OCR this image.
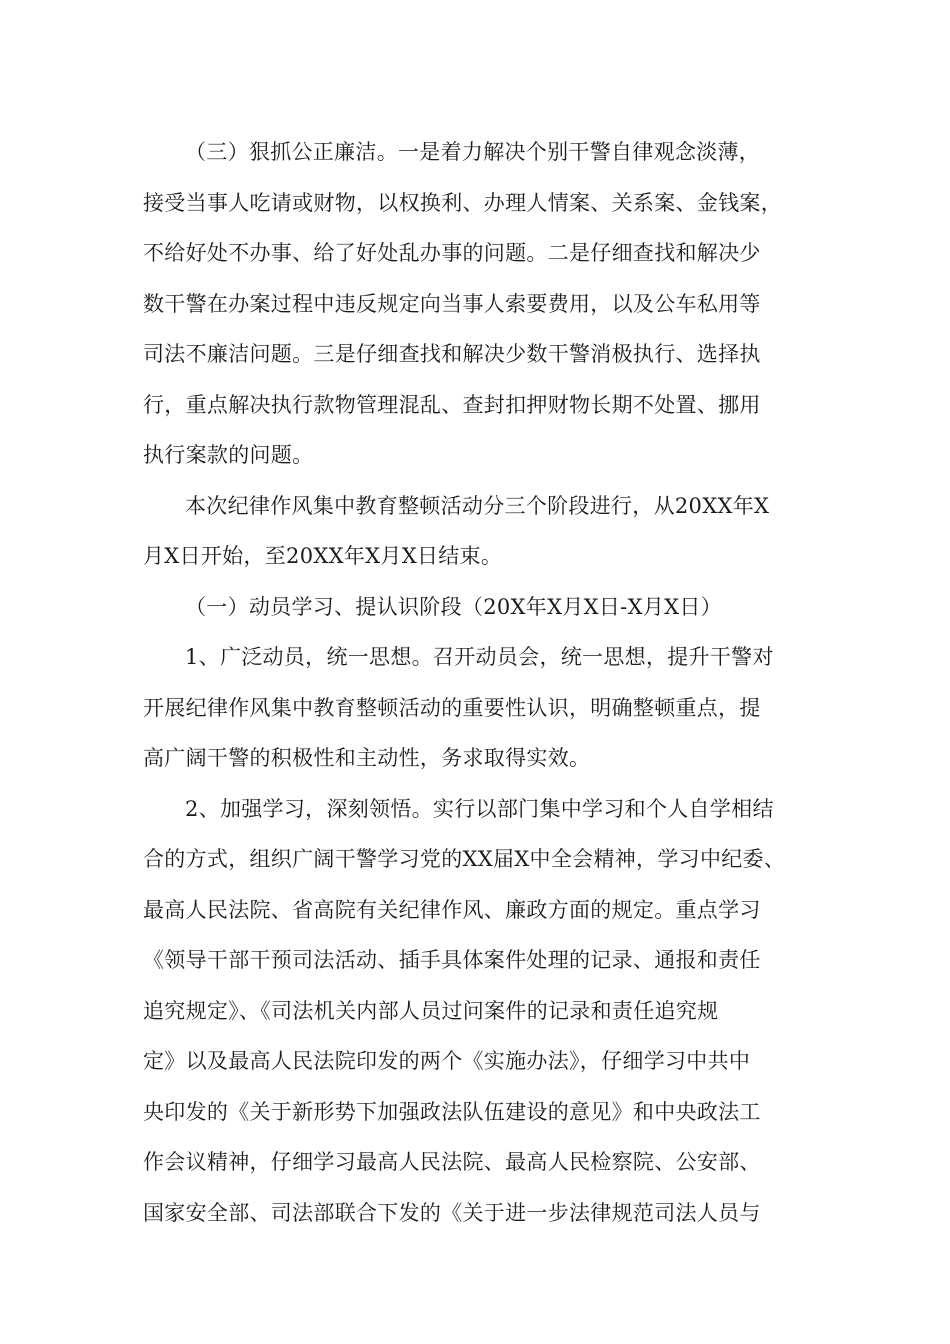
（三）狠抓公正廉洁。一是着力解决个别干警自律观念淡薄，
接受当事人吃请或财物，以权换利、办理人情案、关系案、金钱案，
不给好处不办事、给了好处乱办事的问题。二是仔细查找和解决少
数干警在办案过程中违反规定向当事人索要费用，以及公车私用等
司法不廉洁问题。三是仔细查找和解决少数干警消极执行、选择执
行，重点解决执行款物管理混乱、查封扣押财物长期不处置、挪用
执行案款的问题。
本次纪律作风集中教育整顿活动分三个阶段进行，从20XX年X
月X日开始，至20XX年X月X日结束。
（一）动员学习、提认识阶段（20X年X月X日-X月X日）
1、广泛动员，统一思想。召开动员会，统一思想，提升干警对
开展纪律作风集中教育整顿活动的重要性认识，明确整顿重点，提
高广阔干警的积极性和主动性，务求取得实效。
2、加强学习，深刻领悟。实行以部门集中学习和个人自学相结
合的方式，组织广阔干警学习党的XX届X中全会精神，学习中纪委、
最高人民法院、省高院有关纪律作风、廉政方面的规定。重点学习
《领导干部干预司法活动、插手具体案件处理的记录、通报和责任
追究规定》、《司法机关内部人员过问案件的记录和责任追究规
定》以及最高人民法院印发的两个《实施办法》，仔细学习中共中
央印发的《关于新形势下加强政法队伍建设的意见》和中央政法工
作会议精神，仔细学习最高人民法院、最高人民检察院、公安部、
国家安全部、司法部联合下发的《关于进一步法律规范司法人员与
